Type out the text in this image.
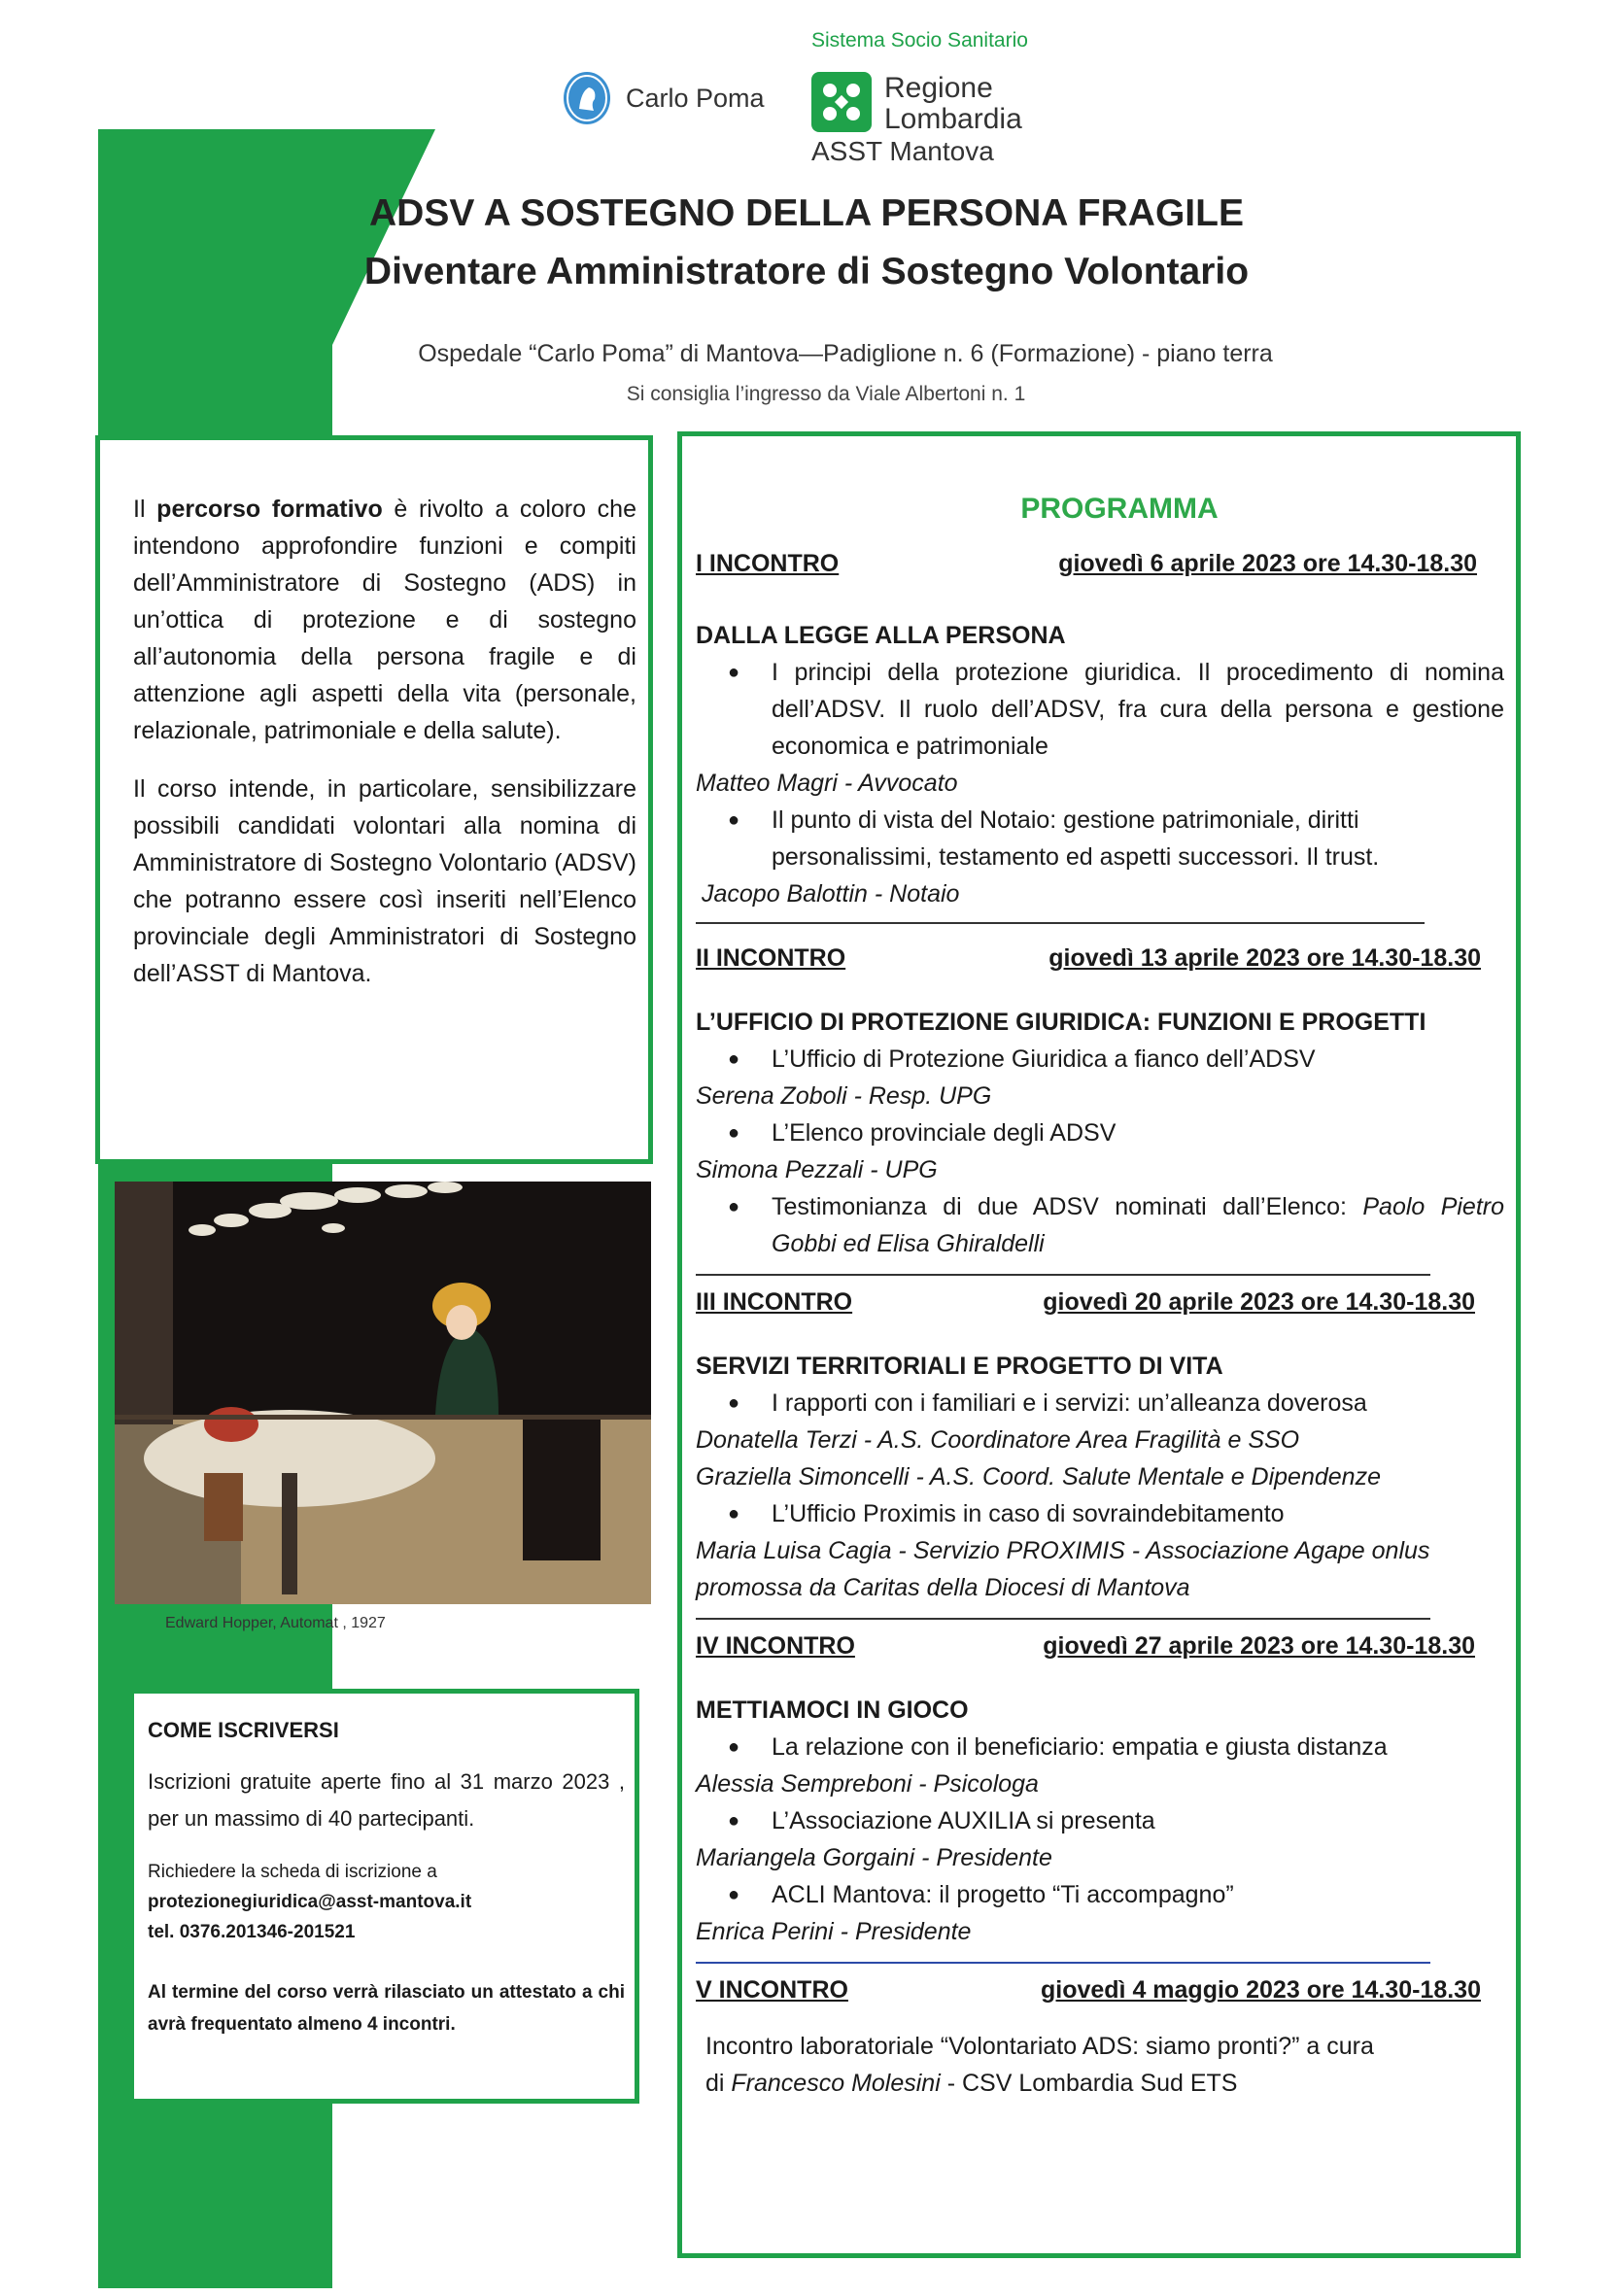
Carlo Poma
Sistema Socio Sanitario
Regione
Lombardia
ASST Mantova
ADSV A SOSTEGNO DELLA PERSONA FRAGILE
Diventare Amministratore di Sostegno Volontario
Ospedale “Carlo Poma” di Mantova—Padiglione n. 6 (Formazione) - piano terra
Si consiglia l’ingresso da Viale Albertoni n. 1

Il percorso formativo è rivolto a coloro che intendono approfondire funzioni e compiti dell’Amministratore di Sostegno (ADS) in un’ottica di protezione e di sostegno all’autonomia della persona fragile e di attenzione agli aspetti della vita (personale, relazionale, patrimoniale e della salute).

Il corso intende, in particolare, sensibilizzare possibili candidati volontari alla nomina di Amministratore di Sostegno Volontario (ADSV) che potranno essere così inseriti nell’Elenco provinciale degli Amministratori di Sostegno dell’ASST di Mantova.

Edward Hopper, Automat , 1927
COME ISCRIVERSI
Iscrizioni gratuite aperte fino al 31 marzo 2023 , per un massimo di 40 partecipanti.
Richiedere la scheda di iscrizione a
protezionegiuridica@asst-mantova.it
tel. 0376.201346-201521
Al termine del corso verrà rilasciato un attestato a chi avrà frequentato almeno 4 incontri.
PROGRAMMA
I INCONTRO	giovedì 6 aprile 2023 ore 14.30-18.30
DALLA LEGGE ALLA PERSONA
●	I principi della protezione giuridica. Il procedimento di nomina dell’ADSV. Il ruolo dell’ADSV, fra cura della persona e gestione economica e patrimoniale
Matteo Magri - Avvocato
●	Il punto di vista del Notaio: gestione patrimoniale, diritti personalissimi, testamento ed aspetti successori. Il trust.
Jacopo Balottin - Notaio
II INCONTRO	giovedì 13 aprile 2023 ore 14.30-18.30
L’UFFICIO DI PROTEZIONE GIURIDICA: FUNZIONI E PROGETTI
●	L’Ufficio di Protezione Giuridica a fianco dell’ADSV
Serena Zoboli - Resp. UPG
●	L’Elenco provinciale degli ADSV
Simona Pezzali - UPG
●	Testimonianza di due ADSV nominati dall’Elenco: Paolo Pietro Gobbi ed Elisa Ghiraldelli
III INCONTRO	giovedì 20 aprile 2023 ore 14.30-18.30
SERVIZI TERRITORIALI E PROGETTO DI VITA
●	I rapporti con i familiari e i servizi: un’alleanza doverosa
Donatella Terzi - A.S. Coordinatore Area Fragilità e SSO
Graziella Simoncelli - A.S. Coord. Salute Mentale e Dipendenze
●	L’Ufficio Proximis in caso di sovraindebitamento
Maria Luisa Cagia - Servizio PROXIMIS - Associazione Agape onlus promossa da Caritas della Diocesi di Mantova
IV INCONTRO	giovedì 27 aprile 2023 ore 14.30-18.30
METTIAMOCI IN GIOCO
●	La relazione con il beneficiario: empatia e giusta distanza
Alessia Sempreboni - Psicologa
●	L’Associazione AUXILIA si presenta
Mariangela Gorgaini - Presidente
●	ACLI Mantova: il progetto “Ti accompagno”
Enrica Perini - Presidente
V INCONTRO	giovedì 4 maggio 2023 ore 14.30-18.30
Incontro laboratoriale “Volontariato ADS: siamo pronti?” a cura
di Francesco Molesini - CSV Lombardia Sud ETS
